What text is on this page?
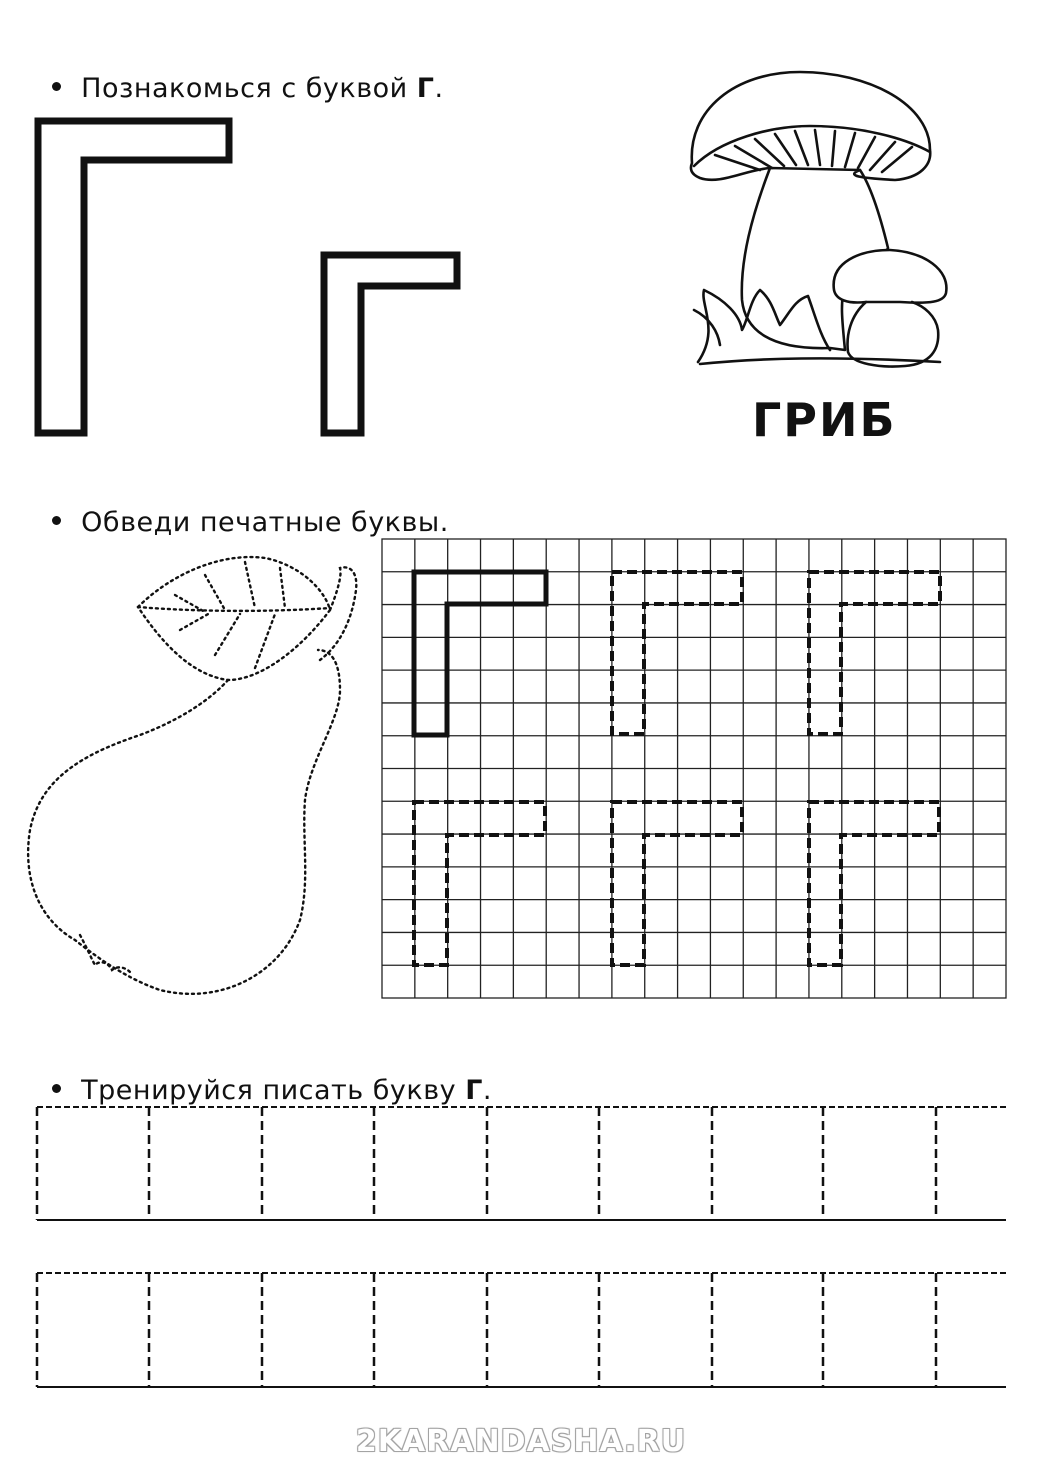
Познакомься с буквой Г.

ГРИБ

Обведи печатные буквы.

Тренируйся писать букву Г.

2KARANDASHA.RU
